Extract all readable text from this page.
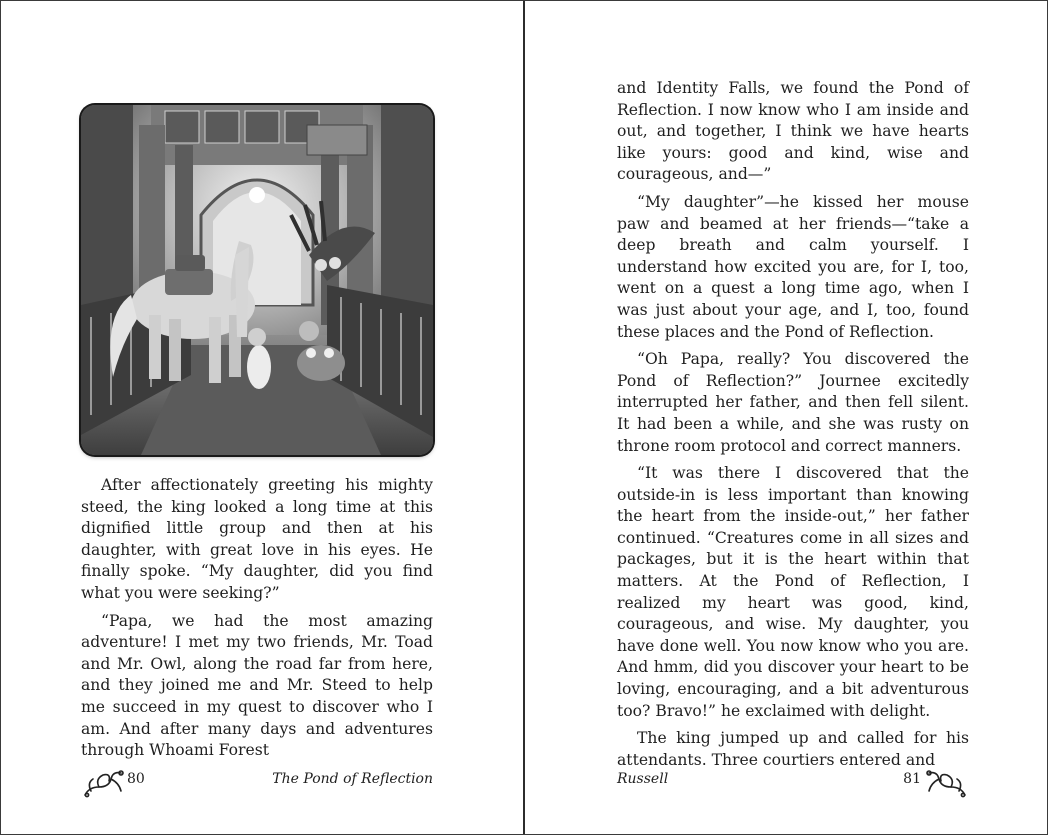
After affectionately greeting his mighty steed, the king looked a long time at this dignified little group and then at his daughter, with great love in his eyes. He finally spoke. “My daughter, did you find what you were seeking?”

“Papa, we had the most amazing adventure! I met my two friends, Mr. Toad and Mr. Owl, along the road far from here, and they joined me and Mr. Steed to help me succeed in my quest to discover who I am. And after many days and adventures through Whoami Forest

80	The Pond of Reflection

and Identity Falls, we found the Pond of Reflection. I now know who I am inside and out, and together, I think we have hearts like yours: good and kind, wise and courageous, and—”

“My daughter”—he kissed her mouse paw and beamed at her friends—“take a deep breath and calm yourself. I understand how excited you are, for I, too, went on a quest a long time ago, when I was just about your age, and I, too, found these places and the Pond of Reflection.

“Oh Papa, really? You discovered the Pond of Reflection?” Journee excitedly interrupted her father, and then fell silent. It had been a while, and she was rusty on throne room protocol and correct manners.

“It was there I discovered that the outside-in is less important than knowing the heart from the inside-out,” her father continued. “Creatures come in all sizes and packages, but it is the heart within that matters. At the Pond of Reflection, I realized my heart was good, kind, courageous, and wise. My daughter, you have done well. You now know who you are. And hmm, did you discover your heart to be loving, encouraging, and a bit adventurous too? Bravo!” he exclaimed with delight.

The king jumped up and called for his attendants. Three courtiers entered and

Russell	81
